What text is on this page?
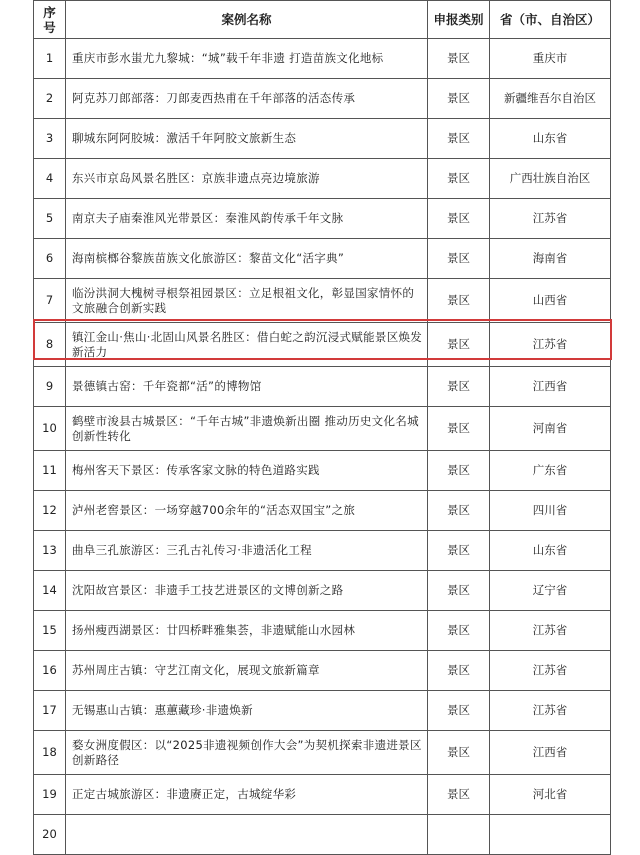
序号	案例名称	申报类别	省（市、自治区）
1	重庆市彭水蚩尤九黎城：“城”载千年非遗 打造苗族文化地标	景区	重庆市
2	阿克苏刀郎部落：刀郎麦西热甫在千年部落的活态传承	景区	新疆维吾尔自治区
3	聊城东阿阿胶城：激活千年阿胶文旅新生态	景区	山东省
4	东兴市京岛风景名胜区：京族非遗点亮边境旅游	景区	广西壮族自治区
5	南京夫子庙秦淮风光带景区：秦淮风韵传承千年文脉	景区	江苏省
6	海南槟榔谷黎族苗族文化旅游区：黎苗文化“活字典”	景区	海南省
7	临汾洪洞大槐树寻根祭祖园景区：立足根祖文化，彰显国家情怀的文旅融合创新实践	景区	山西省
8	镇江金山·焦山·北固山风景名胜区：借白蛇之韵沉浸式赋能景区焕发新活力	景区	江苏省
9	景德镇古窑：千年瓷都“活”的博物馆	景区	江西省
10	鹤壁市浚县古城景区：“千年古城”非遗焕新出圈 推动历史文化名城创新性转化	景区	河南省
11	梅州客天下景区：传承客家文脉的特色道路实践	景区	广东省
12	泸州老窖景区：一场穿越700余年的“活态双国宝”之旅	景区	四川省
13	曲阜三孔旅游区：三孔古礼传习·非遗活化工程	景区	山东省
14	沈阳故宫景区：非遗手工技艺进景区的文博创新之路	景区	辽宁省
15	扬州瘦西湖景区：廿四桥畔雅集荟，非遗赋能山水园林	景区	江苏省
16	苏州周庄古镇：守艺江南文化，展现文旅新篇章	景区	江苏省
17	无锡惠山古镇：惠蕙藏珍·非遗焕新	景区	江苏省
18	婺女洲度假区：以“2025非遗视频创作大会”为契机探索非遗进景区创新路径	景区	江西省
19	正定古城旅游区：非遗赓正定，古城绽华彩	景区	河北省
20			
